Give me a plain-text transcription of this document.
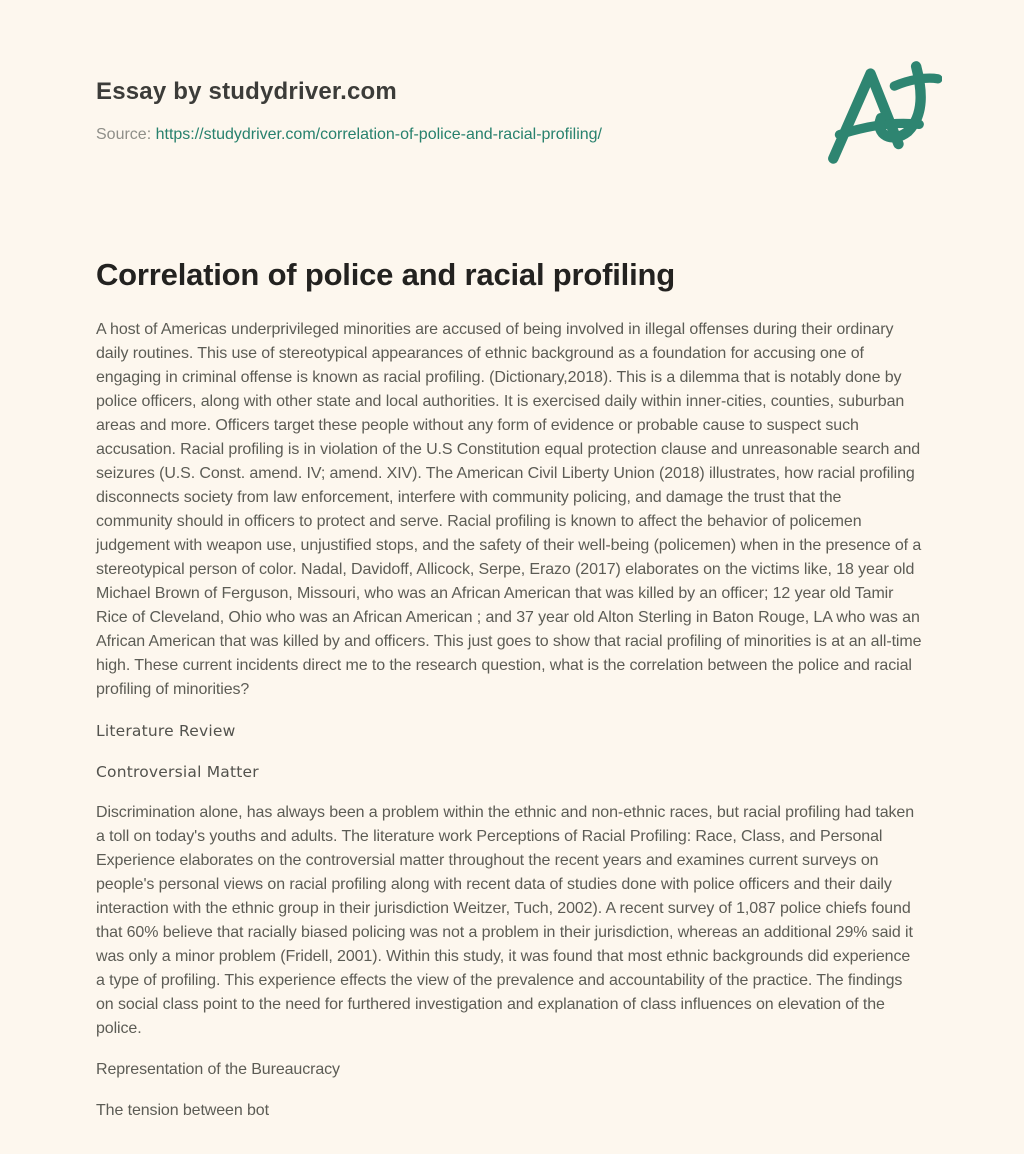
Essay by studydriver.com

Source: https://studydriver.com/correlation-of-police-and-racial-profiling/

Correlation of police and racial profiling

A host of Americas underprivileged minorities are accused of being involved in illegal offenses during their ordinary daily routines. This use of stereotypical appearances of ethnic background as a foundation for accusing one of engaging in criminal offense is known as racial profiling. (Dictionary,2018). This is a dilemma that is notably done by police officers, along with other state and local authorities. It is exercised daily within inner-cities, counties, suburban areas and more. Officers target these people without any form of evidence or probable cause to suspect such accusation. Racial profiling is in violation of the U.S Constitution equal protection clause and unreasonable search and seizures (U.S. Const. amend. IV; amend. XIV). The American Civil Liberty Union (2018) illustrates, how racial profiling disconnects society from law enforcement, interfere with community policing, and damage the trust that the community should in officers to protect and serve. Racial profiling is known to affect the behavior of policemen judgement with weapon use, unjustified stops, and the safety of their well-being (policemen) when in the presence of a stereotypical person of color. Nadal, Davidoff, Allicock, Serpe, Erazo (2017) elaborates on the victims like, 18 year old Michael Brown of Ferguson, Missouri, who was an African American that was killed by an officer; 12 year old Tamir Rice of Cleveland, Ohio who was an African American ; and 37 year old Alton Sterling in Baton Rouge, LA who was an African American that was killed by and officers. This just goes to show that racial profiling of minorities is at an all-time high. These current incidents direct me to the research question, what is the correlation between the police and racial profiling of minorities?

Literature Review

Controversial Matter

Discrimination alone, has always been a problem within the ethnic and non-ethnic races, but racial profiling had taken a toll on today's youths and adults. The literature work Perceptions of Racial Profiling: Race, Class, and Personal Experience elaborates on the controversial matter throughout the recent years and examines current surveys on people's personal views on racial profiling along with recent data of studies done with police officers and their daily interaction with the ethnic group in their jurisdiction Weitzer, Tuch, 2002). A recent survey of 1,087 police chiefs found that 60% believe that racially biased policing was not a problem in their jurisdiction, whereas an additional 29% said it was only a minor problem (Fridell, 2001). Within this study, it was found that most ethnic backgrounds did experience a type of profiling. This experience effects the view of the prevalence and accountability of the practice. The findings on social class point to the need for furthered investigation and explanation of class influences on elevation of the police.

Representation of the Bureaucracy

The tension between bot
